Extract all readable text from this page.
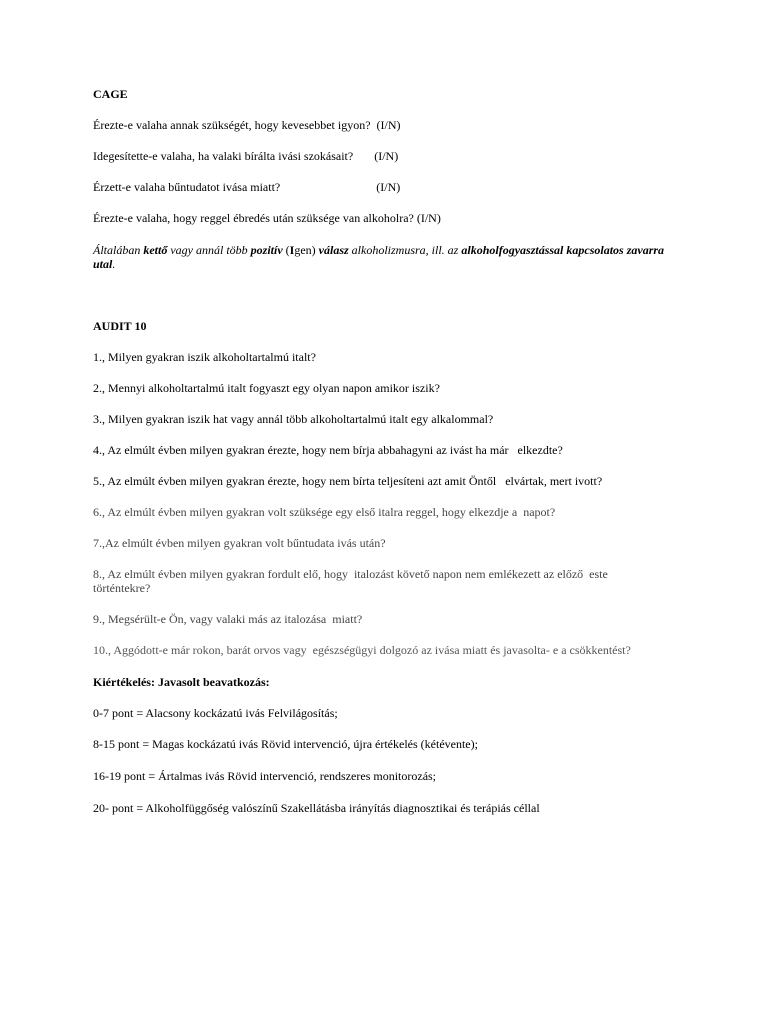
CAGE
Érezte-e valaha annak szükségét, hogy kevesebbet igyon?  (I/N)
Idegesítette-e valaha, ha valaki bírálta ivási szokásait?       (I/N)
Érzett-e valaha bűntudatot ivása miatt?                                (I/N)
Érezte-e valaha, hogy reggel ébredés után szüksége van alkoholra? (I/N)
Általában kettő vagy annál több pozitív (Igen) válasz alkoholizmusra, ill. az alkoholfogyasztással kapcsolatos zavarra utal.
AUDIT 10
1., Milyen gyakran iszik alkoholtartalmú italt?
2., Mennyi alkoholtartalmú italt fogyaszt egy olyan napon amikor iszik?
3., Milyen gyakran iszik hat vagy annál több alkoholtartalmú italt egy alkalommal?
4., Az elmúlt évben milyen gyakran érezte, hogy nem bírja abbahagyni az ivást ha már   elkezdte?
5., Az elmúlt évben milyen gyakran érezte, hogy nem bírta teljesíteni azt amit Öntől   elvártak, mert ivott?
6., Az elmúlt évben milyen gyakran volt szüksége egy első italra reggel, hogy elkezdje a  napot?
7.,Az elmúlt évben milyen gyakran volt bűntudata ivás után?
8., Az elmúlt évben milyen gyakran fordult elő, hogy  italozást követő napon nem emlékezett az előző  este történtekre?
9., Megsérült-e Ön, vagy valaki más az italozása  miatt?
10., Aggódott-e már rokon, barát orvos vagy  egészségügyi dolgozó az ivása miatt és javasolta- e a csökkentést?
Kiértékelés: Javasolt beavatkozás:
0-7 pont = Alacsony kockázatú ivás Felvilágosítás;
8-15 pont = Magas kockázatú ivás Rövid intervenció, újra értékelés (kétévente);
16-19 pont = Ártalmas ivás Rövid intervenció, rendszeres monitorozás;
20- pont = Alkoholfüggőség valószínű Szakellátásba irányítás diagnosztikai és terápiás céllal
